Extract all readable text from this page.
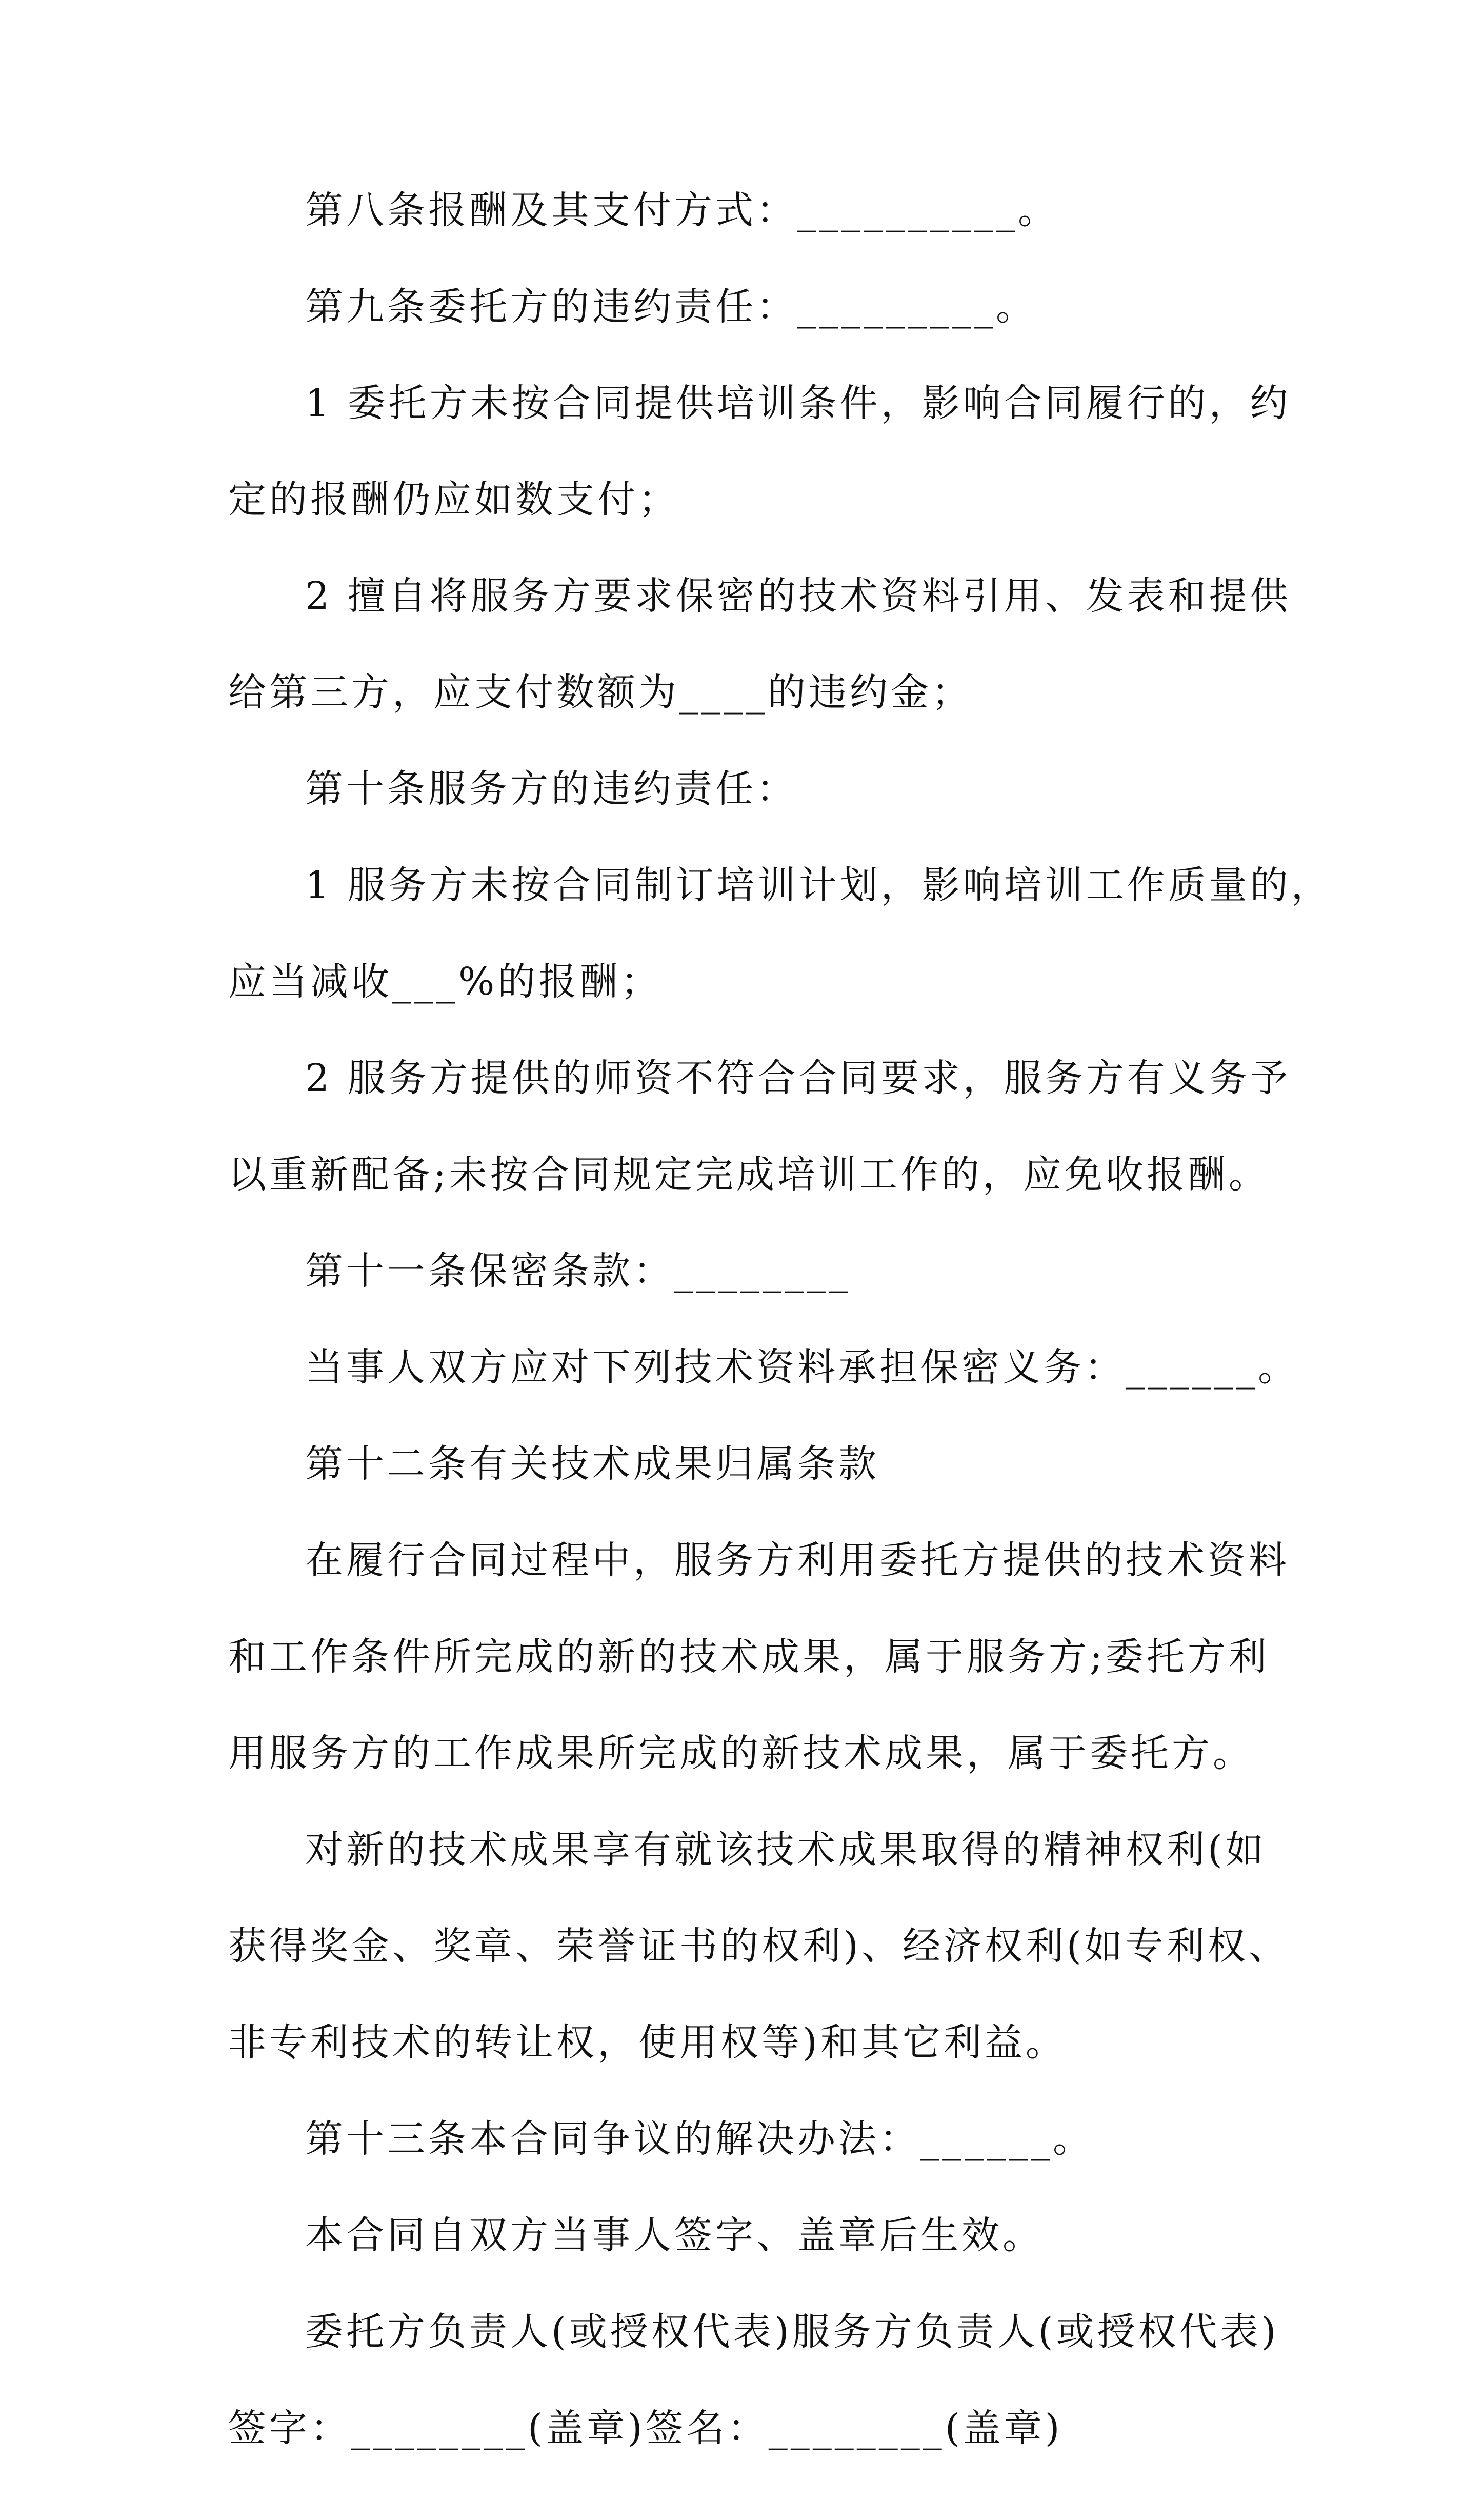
第八条报酬及其支付方式：__________。
第九条委托方的违约责任：_________。
1 委托方未按合同提供培训条件，影响合同履行的，约
定的报酬仍应如数支付；
2 擅自将服务方要求保密的技术资料引用、发表和提供
给第三方，应支付数额为____的违约金；
第十条服务方的违约责任：
1 服务方未按合同制订培训计划，影响培训工作质量的，
应当减收___%的报酬；
2 服务方提供的师资不符合合同要求，服务方有义务予
以重新配备;未按合同规定完成培训工作的，应免收报酬。
第十一条保密条款：________
当事人双方应对下列技术资料承担保密义务：______。
第十二条有关技术成果归属条款
在履行合同过程中，服务方利用委托方提供的技术资料
和工作条件所完成的新的技术成果，属于服务方;委托方利
用服务方的工作成果所完成的新技术成果，属于委托方。
对新的技术成果享有就该技术成果取得的精神权利(如
获得奖金、奖章、荣誉证书的权利)、经济权利(如专利权、
非专利技术的转让权，使用权等)和其它利益。
第十三条本合同争议的解决办法：______。
本合同自双方当事人签字、盖章后生效。
委托方负责人(或授权代表)服务方负责人(或授权代表)
签字：________(盖章)签名：________(盖章)
